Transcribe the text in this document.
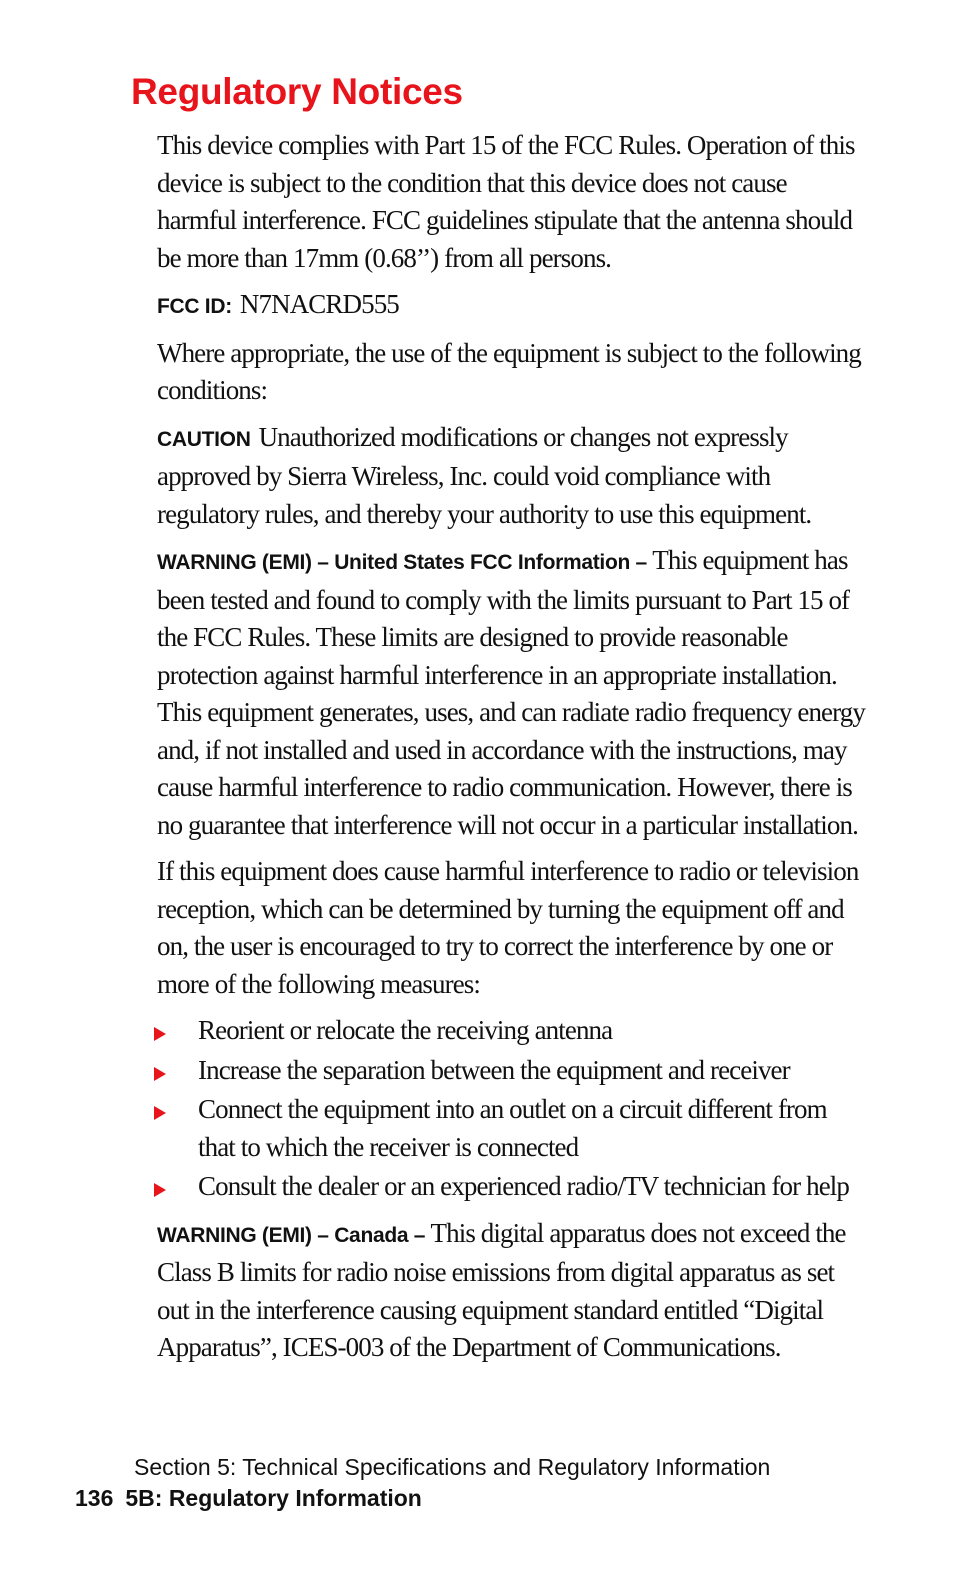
Regulatory Notices

This device complies with Part 15 of the FCC Rules. Operation of this device is subject to the condition that this device does not cause harmful interference. FCC guidelines stipulate that the antenna should be more than 17mm (0.68’’) from all persons.

FCC ID: N7NACRD555

Where appropriate, the use of the equipment is subject to the following conditions:

CAUTION Unauthorized modifications or changes not expressly approved by Sierra Wireless, Inc. could void compliance with regulatory rules, and thereby your authority to use this equipment.

WARNING (EMI) – United States FCC Information – This equipment has been tested and found to comply with the limits pursuant to Part 15 of the FCC Rules. These limits are designed to provide reasonable protection against harmful interference in an appropriate installation. This equipment generates, uses, and can radiate radio frequency energy and, if not installed and used in accordance with the instructions, may cause harmful interference to radio communication. However, there is no guarantee that interference will not occur in a particular installation.

If this equipment does cause harmful interference to radio or television reception, which can be determined by turning the equipment off and on, the user is encouraged to try to correct the interference by one or more of the following measures:

Reorient or relocate the receiving antenna
Increase the separation between the equipment and receiver
Connect the equipment into an outlet on a circuit different from that to which the receiver is connected
Consult the dealer or an experienced radio/TV technician for help

WARNING (EMI) – Canada – This digital apparatus does not exceed the Class B limits for radio noise emissions from digital apparatus as set out in the interference causing equipment standard entitled “Digital Apparatus”, ICES-003 of the Department of Communications.

Section 5: Technical Specifications and Regulatory Information
136 5B: Regulatory Information
